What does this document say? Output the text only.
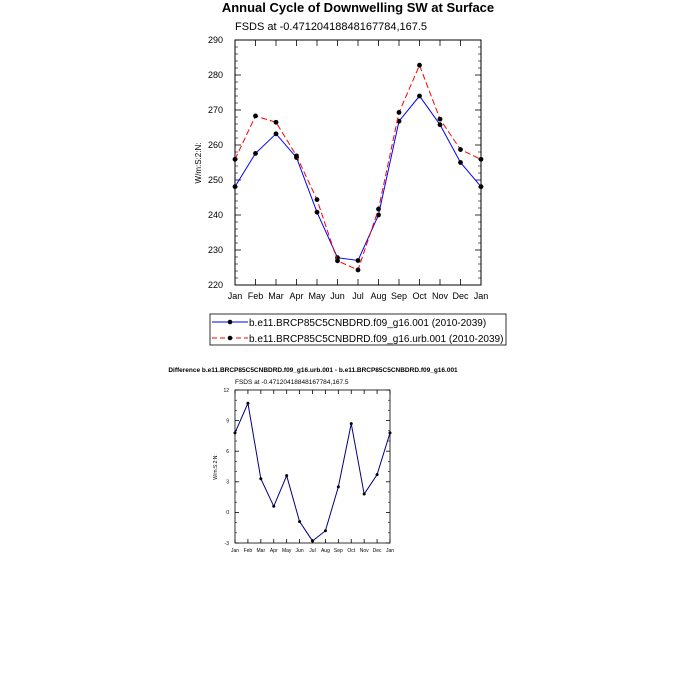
Annual Cycle of Downwelling SW at Surface
FSDS at -0.47120418848167784,167.5
W/m:S:2:N:
Jan Feb Mar Apr May Jun Jul Aug Sep Oct Nov Dec Jan
220
230
240
250
260
270
280
290
b.e11.BRCP85C5CNBDRD.f09_g16.001 (2010-2039)
b.e11.BRCP85C5CNBDRD.f09_g16.urb.001 (2010-2039)
Difference b.e11.BRCP85C5CNBDRD.f09_g16.urb.001 - b.e11.BRCP85C5CNBDRD.f09_g16.001
FSDS at -0.47120418848167784,167.5
W/m:S:2:N:
Jan Feb Mar Apr May Jun Jul Aug Sep Oct Nov Dec Jan
-3
0
3
6
9
12
